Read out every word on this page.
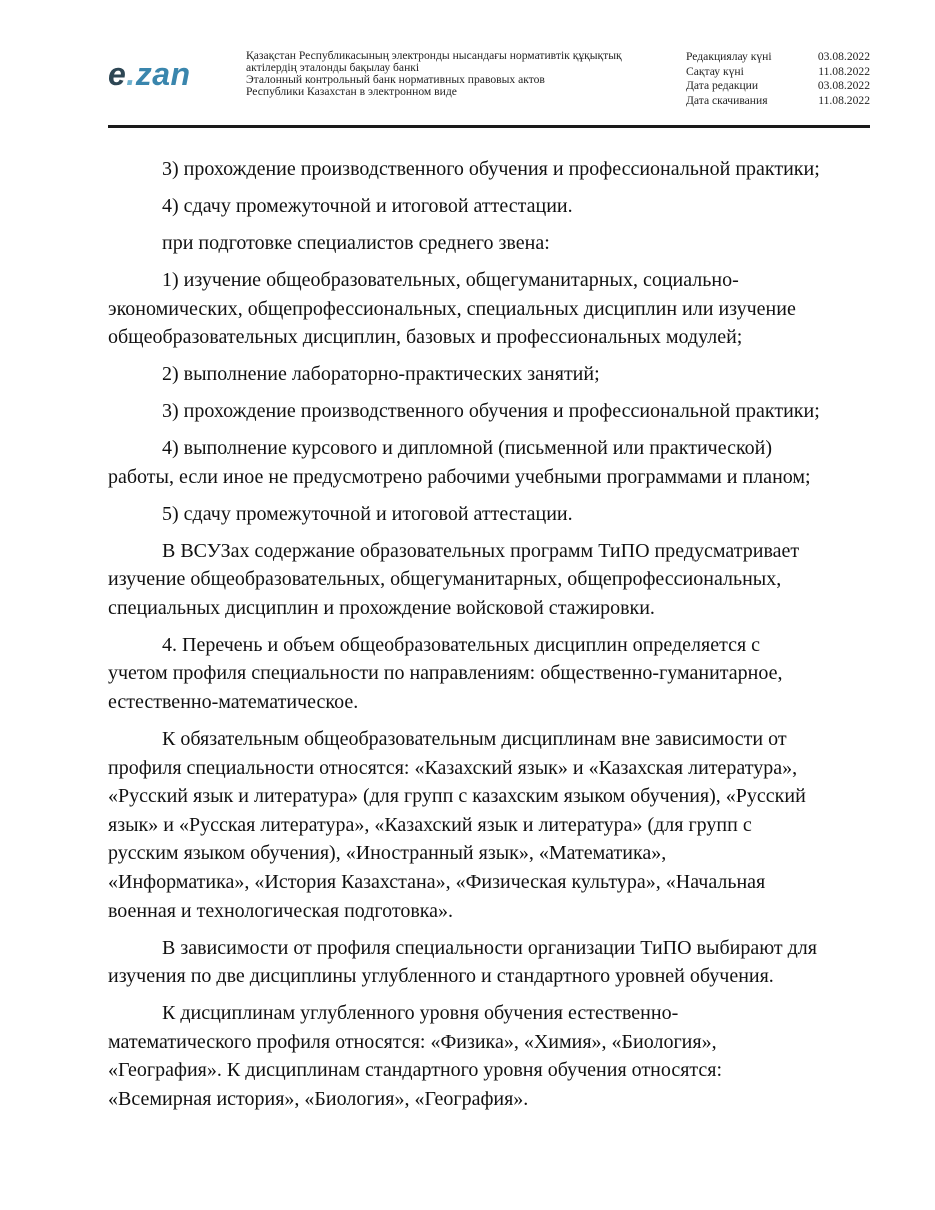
e.zan
Қазақстан Республикасының электронды нысандағы нормативтік құқықтық
актілердің эталонды бақылау банкі
Эталонный контрольный банк нормативных правовых актов
Республики Казахстан в электронном виде
Редакциялау күні	03.08.2022
Сақтау күні	11.08.2022
Дата редакции	03.08.2022
Дата скачивания	11.08.2022

3) прохождение производственного обучения и профессиональной практики;

4) сдачу промежуточной и итоговой аттестации.

при подготовке специалистов среднего звена:

1) изучение общеобразовательных, общегуманитарных, социально-
экономических, общепрофессиональных, специальных дисциплин или изучение
общеобразовательных дисциплин, базовых и профессиональных модулей;

2) выполнение лабораторно-практических занятий;

3) прохождение производственного обучения и профессиональной практики;

4) выполнение курсового и дипломной (письменной или практической)
работы, если иное не предусмотрено рабочими учебными программами и планом;

5) сдачу промежуточной и итоговой аттестации.

В ВСУЗах содержание образовательных программ ТиПО предусматривает
изучение общеобразовательных, общегуманитарных, общепрофессиональных,
специальных дисциплин и прохождение войсковой стажировки.

4. Перечень и объем общеобразовательных дисциплин определяется с
учетом профиля специальности по направлениям: общественно-гуманитарное,
естественно-математическое.

К обязательным общеобразовательным дисциплинам вне зависимости от
профиля специальности относятся: «Казахский язык» и «Казахская литература»,
«Русский язык и литература» (для групп с казахским языком обучения), «Русский
язык» и «Русская литература», «Казахский язык и литература» (для групп с
русским языком обучения), «Иностранный язык», «Математика»,
«Информатика», «История Казахстана», «Физическая культура», «Начальная
военная и технологическая подготовка».

В зависимости от профиля специальности организации ТиПО выбирают для
изучения по две дисциплины углубленного и стандартного уровней обучения.

К дисциплинам углубленного уровня обучения естественно-
математического профиля относятся: «Физика», «Химия», «Биология»,
«География». К дисциплинам стандартного уровня обучения относятся:
«Всемирная история», «Биология», «География».
